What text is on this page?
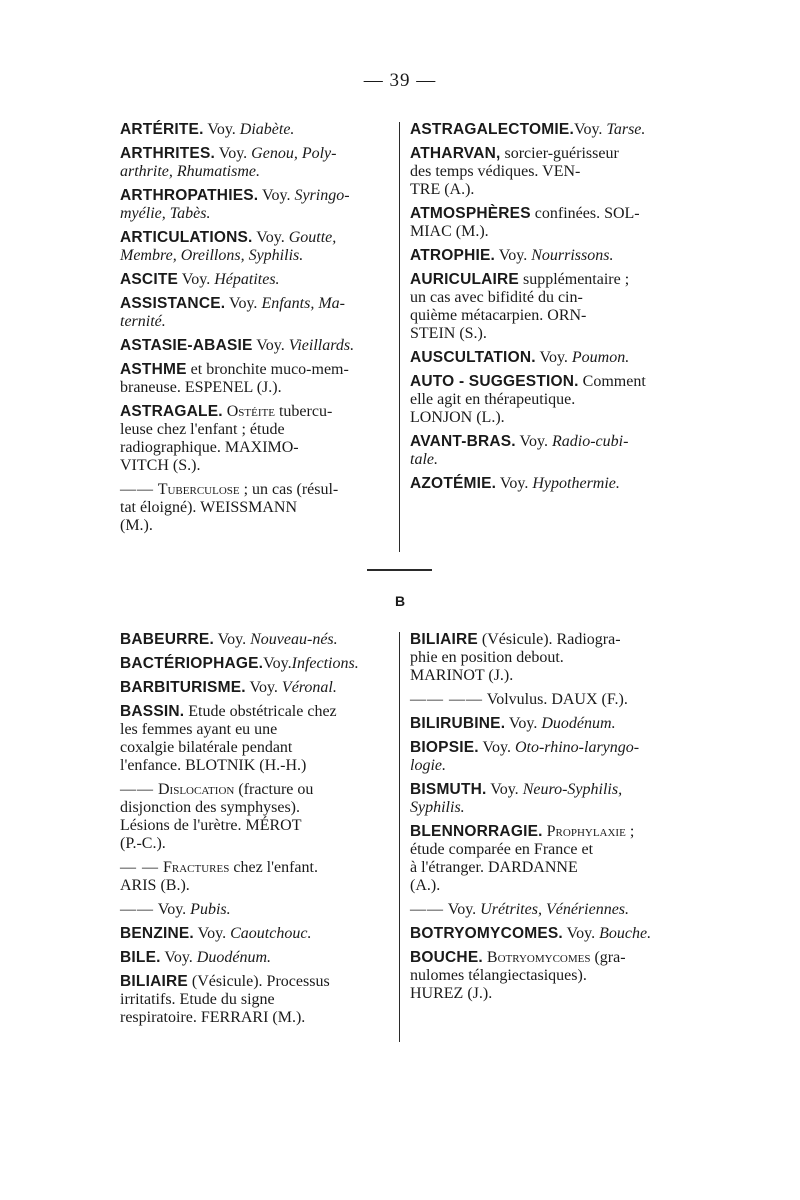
— 39 —

ARTÉRITE. Voy. Diabète.

ARTHRITES. Voy. Genou, Poly-

arthrite, Rhumatisme.

ARTHROPATHIES. Voy. Syringo-

myélie, Tabès.

ARTICULATIONS. Voy. Goutte,

Membre, Oreillons, Syphilis.

ASCITE Voy. Hépatites.

ASSISTANCE. Voy. Enfants, Ma-

ternité.

ASTASIE-ABASIE Voy. Vieillards.

ASTHME et bronchite muco-mem-

braneuse. ESPENEL (J.).

ASTRAGALE. Ostéite tubercu-

leuse chez l'enfant ; étude

radiographique. MAXIMO-

VITCH (S.).

—— Tuberculose ; un cas (résul-

tat éloigné). WEISSMANN

(M.).

ASTRAGALECTOMIE.Voy. Tarse.

ATHARVAN, sorcier-guérisseur

des temps védiques. VEN-

TRE (A.).

ATMOSPHÈRES confinées. SOL-

MIAC (M.).

ATROPHIE. Voy. Nourrissons.

AURICULAIRE supplémentaire ;

un cas avec bifidité du cin-

quième métacarpien. ORN-

STEIN (S.).

AUSCULTATION. Voy. Poumon.

AUTO - SUGGESTION. Comment

elle agit en thérapeutique.

LONJON (L.).

AVANT-BRAS. Voy. Radio-cubi-

tale.

AZOTÉMIE. Voy. Hypothermie.

B

BABEURRE. Voy. Nouveau-nés.

BACTÉRIOPHAGE.Voy.Infections.

BARBITURISME. Voy. Véronal.

BASSIN. Etude obstétricale chez

les femmes ayant eu une

coxalgie bilatérale pendant

l'enfance. BLOTNIK (H.-H.)

—— Dislocation (fracture ou

disjonction des symphyses).

Lésions de l'urètre. MÉROT

(P.-C.).

— — Fractures chez l'enfant.

ARIS (B.).

—— Voy. Pubis.

BENZINE. Voy. Caoutchouc.

BILE. Voy. Duodénum.

BILIAIRE (Vésicule). Processus

irritatifs. Etude du signe

respiratoire. FERRARI (M.).

BILIAIRE (Vésicule). Radiogra-

phie en position debout.

MARINOT (J.).

—— —— Volvulus. DAUX (F.).

BILIRUBINE. Voy. Duodénum.

BIOPSIE. Voy. Oto-rhino-laryngo-

logie.

BISMUTH. Voy. Neuro-Syphilis,

Syphilis.

BLENNORRAGIE. Prophylaxie ;

étude comparée en France et

à l'étranger. DARDANNE

(A.).

—— Voy. Urétrites, Vénériennes.

BOTRYOMYCOMES. Voy. Bouche.

BOUCHE. Botryomycomes (gra-

nulomes télangiectasiques).

HUREZ (J.).
